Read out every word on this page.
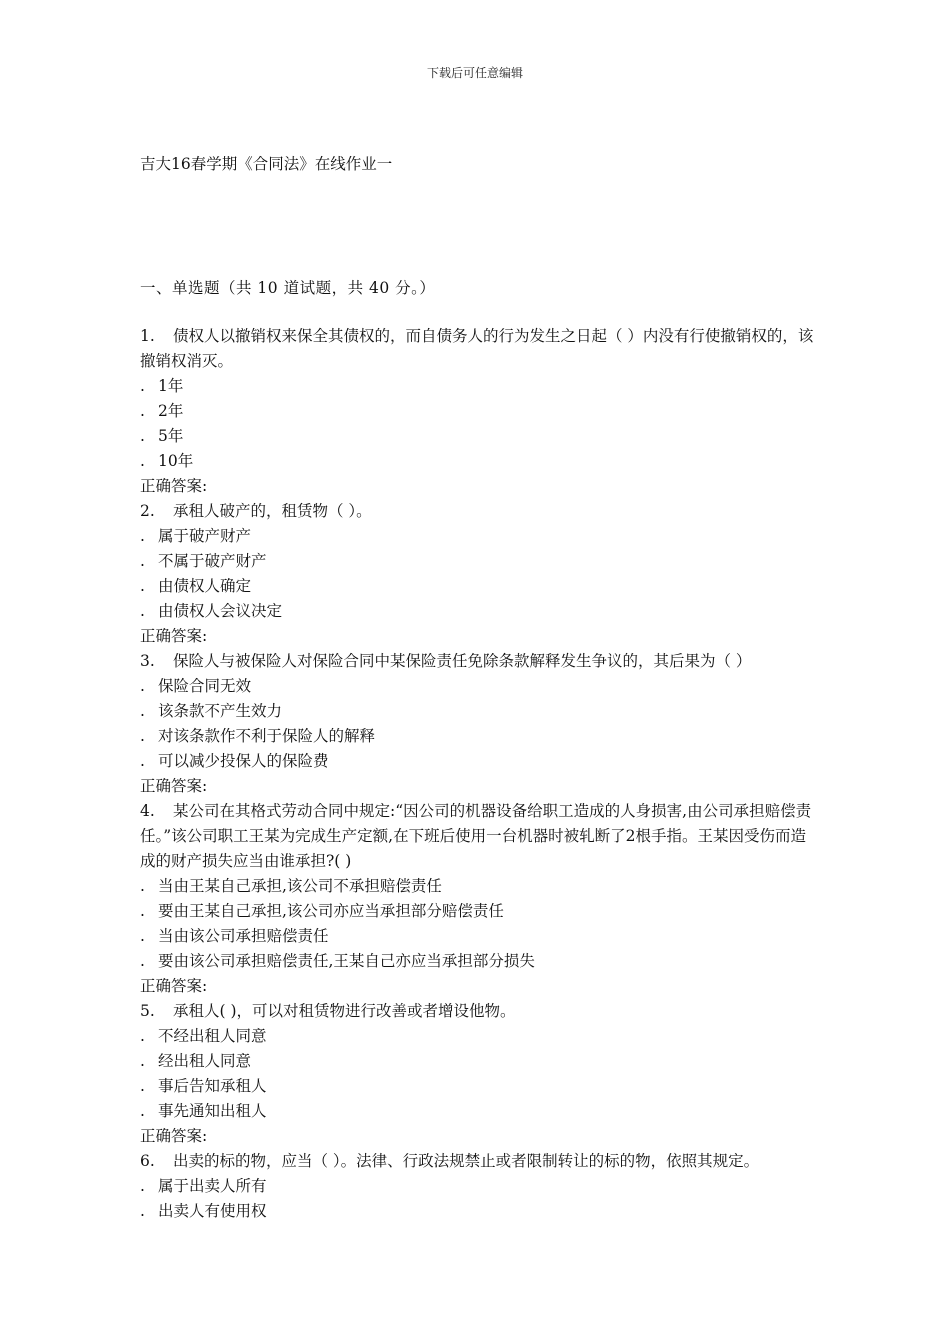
下载后可任意编辑
吉大16春学期《合同法》在线作业一
一、单选题（共 10 道试题，共 40 分。）
1. 债权人以撤销权来保全其债权的，而自债务人的行为发生之日起（ ）内没有行使撤销权的，该撤销权消灭。
. 1年
. 2年
. 5年
. 10年
正确答案:
2. 承租人破产的，租赁物（ ）。
. 属于破产财产
. 不属于破产财产
. 由债权人确定
. 由债权人会议决定
正确答案:
3. 保险人与被保险人对保险合同中某保险责任免除条款解释发生争议的，其后果为（ ）
. 保险合同无效
. 该条款不产生效力
. 对该条款作不利于保险人的解释
. 可以减少投保人的保险费
正确答案:
4. 某公司在其格式劳动合同中规定:“因公司的机器设备给职工造成的人身损害,由公司承担赔偿责任。”该公司职工王某为完成生产定额,在下班后使用一台机器时被轧断了2根手指。王某因受伤而造成的财产损失应当由谁承担?( )
. 当由王某自己承担,该公司不承担赔偿责任
. 要由王某自己承担,该公司亦应当承担部分赔偿责任
. 当由该公司承担赔偿责任
. 要由该公司承担赔偿责任,王某自己亦应当承担部分损失
正确答案:
5. 承租人( )，可以对租赁物进行改善或者增设他物。
. 不经出租人同意
. 经出租人同意
. 事后告知承租人
. 事先通知出租人
正确答案:
6. 出卖的标的物，应当（ ）。法律、行政法规禁止或者限制转让的标的物，依照其规定。
. 属于出卖人所有
. 出卖人有使用权
